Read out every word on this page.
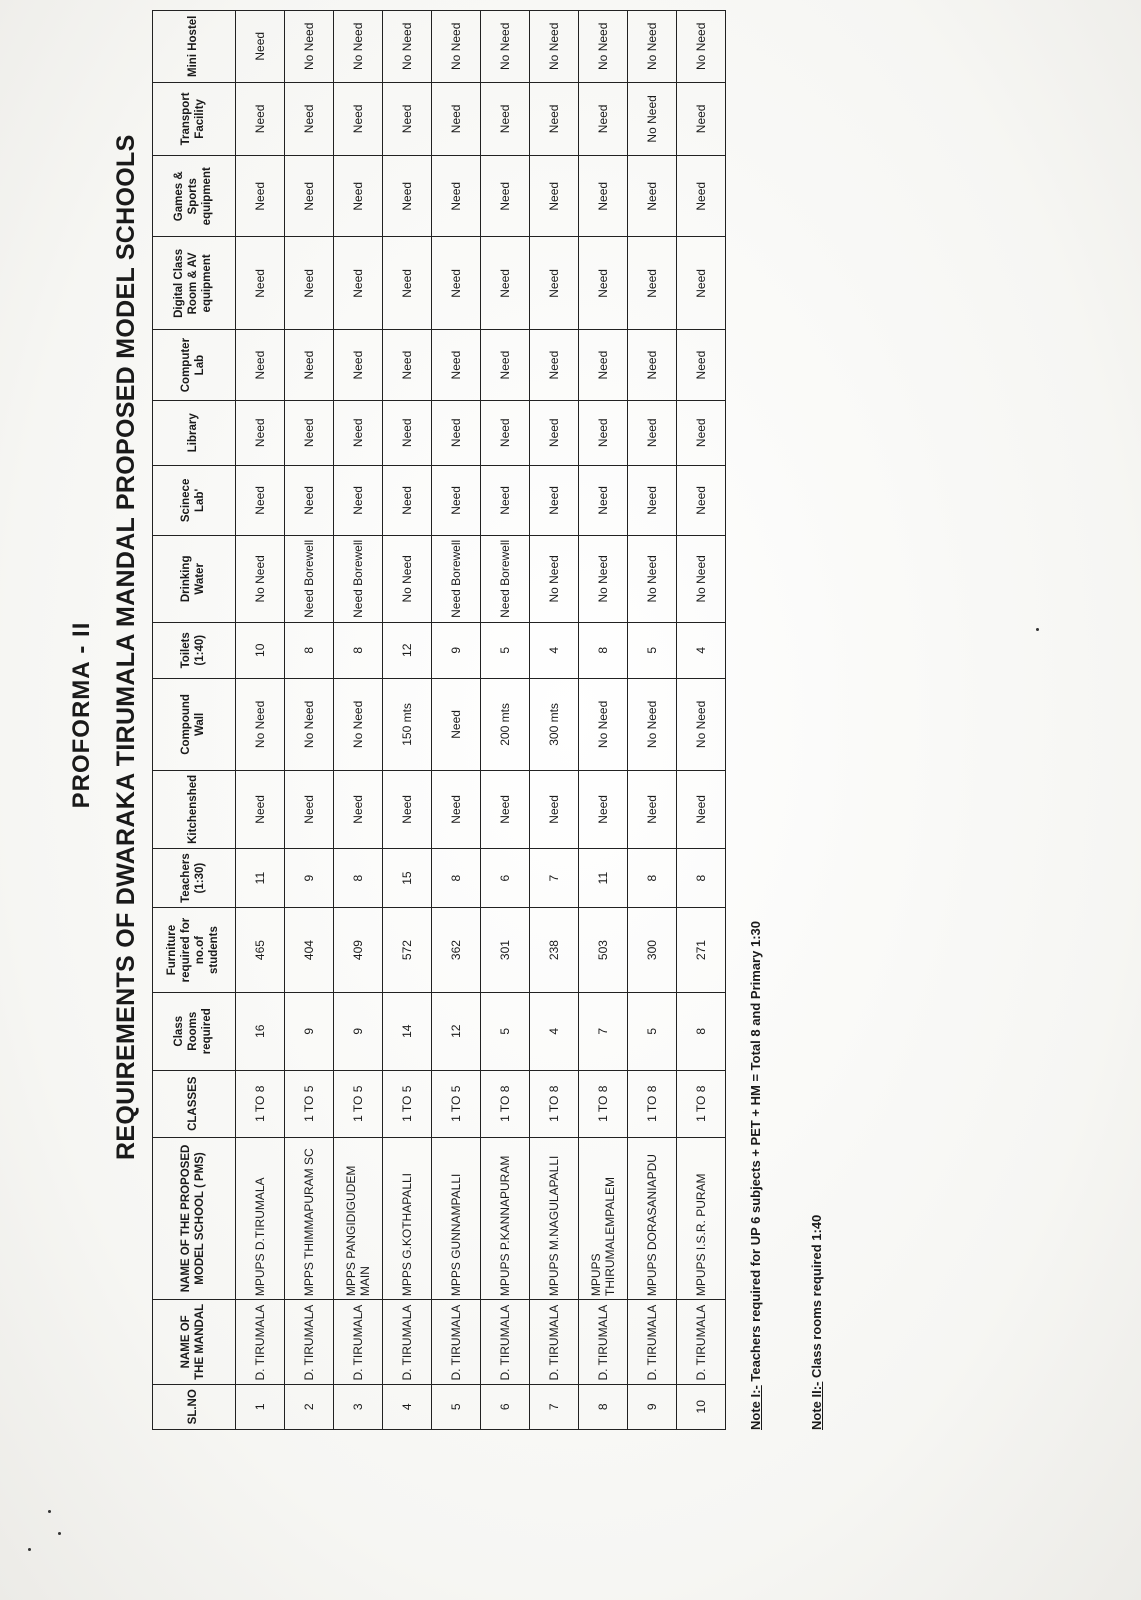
PROFORMA - II REQUIREMENTS OF DWARAKA TIRUMALA MANDAL PROPOSED MODEL SCHOOLS
SL.NO	NAME OF THE MANDAL	NAME OF THE PROPOSED MODEL SCHOOL ( PMS)	CLASSES	Class Rooms required	Furniture required for no.of students	Teachers (1:30)	Kitchenshed	Compound Wall	Toilets (1:40)	Drinking Water	Scinece Lab'	Library	Computer Lab	Digital Class Room & AV equipment	Games & Sports equipment	Transport Facility	Mini Hostel
1	D. TIRUMALA	MPUPS D.TIRUMALA	1 TO 8	16	465	11	Need	No Need	10	No Need	Need	Need	Need	Need	Need	Need	Need
2	D. TIRUMALA	MPPS THIMMAPURAM SC	1 TO 5	9	404	9	Need	No Need	8	Need Borewell	Need	Need	Need	Need	Need	Need	No Need
3	D. TIRUMALA	MPPS PANGIDIGUDEM MAIN	1 TO 5	9	409	8	Need	No Need	8	Need Borewell	Need	Need	Need	Need	Need	Need	No Need
4	D. TIRUMALA	MPPS G.KOTHAPALLI	1 TO 5	14	572	15	Need	150 mts	12	No Need	Need	Need	Need	Need	Need	Need	No Need
5	D. TIRUMALA	MPPS GUNNAMPALLI	1 TO 5	12	362	8	Need	Need	9	Need Borewell	Need	Need	Need	Need	Need	Need	No Need
6	D. TIRUMALA	MPUPS P.KANNAPURAM	1 TO 8	5	301	6	Need	200 mts	5	Need Borewell	Need	Need	Need	Need	Need	Need	No Need
7	D. TIRUMALA	MPUPS M.NAGULAPALLI	1 TO 8	4	238	7	Need	300 mts	4	No Need	Need	Need	Need	Need	Need	Need	No Need
8	D. TIRUMALA	MPUPS THIRUMALEMPALEM	1 TO 8	7	503	11	Need	No Need	8	No Need	Need	Need	Need	Need	Need	Need	No Need
9	D. TIRUMALA	MPUPS DORASANIAPDU	1 TO 8	5	300	8	Need	No Need	5	No Need	Need	Need	Need	Need	Need	No Need	No Need
10	D. TIRUMALA	MPUPS I.S.R. PURAM	1 TO 8	8	271	8	Need	No Need	4	No Need	Need	Need	Need	Need	Need	Need	No Need
Note I:- Teachers required for UP 6 subjects + PET + HM = Total 8 and Primary 1:30
Note II:- Class rooms required 1:40
